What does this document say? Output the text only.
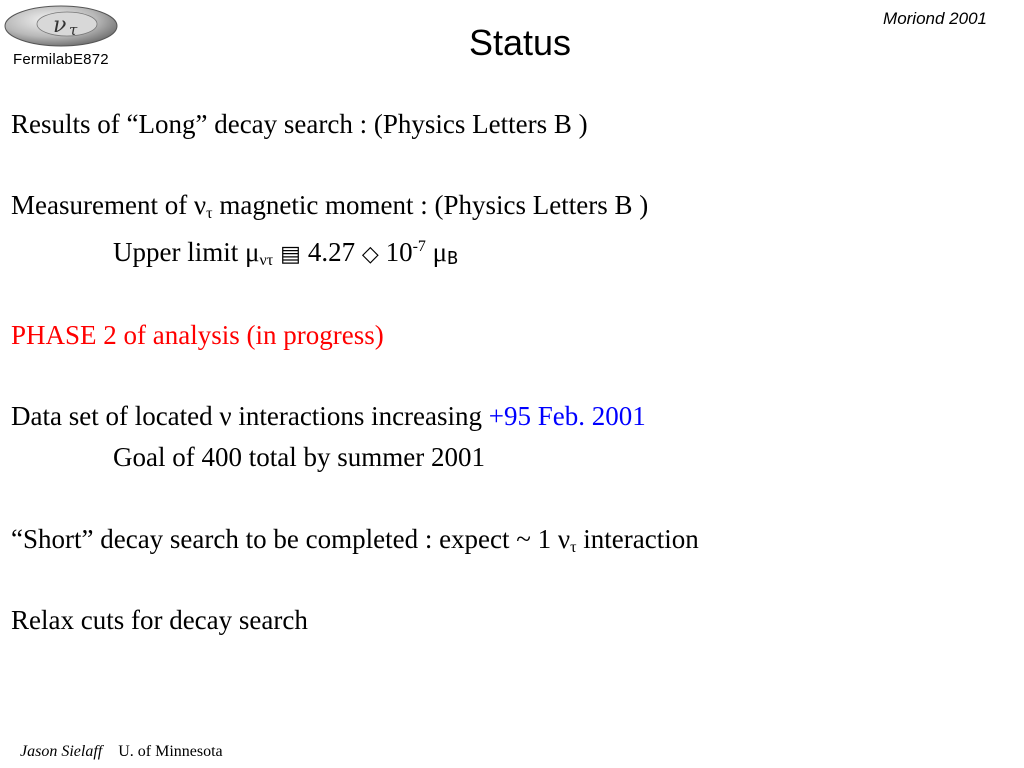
ν τ
FermilabE872
Moriond 2001
Status
Results of “Long” decay search : (Physics Letters B )
Measurement of $\nu_\tau$ magnetic moment : (Physics Letters B )
Upper limit $\mu_{\nu\tau}$ ▤ 4.27 ◇ $10^{-7}$ $\mu_B$
PHASE 2 of analysis (in progress)
Data set of located ν interactions increasing +95 Feb. 2001
Goal of 400 total by summer 2001
“Short” decay search to be completed : expect ~ 1 $\nu_\tau$ interaction
Relax cuts for decay search
Jason Sielaff U. of Minnesota
